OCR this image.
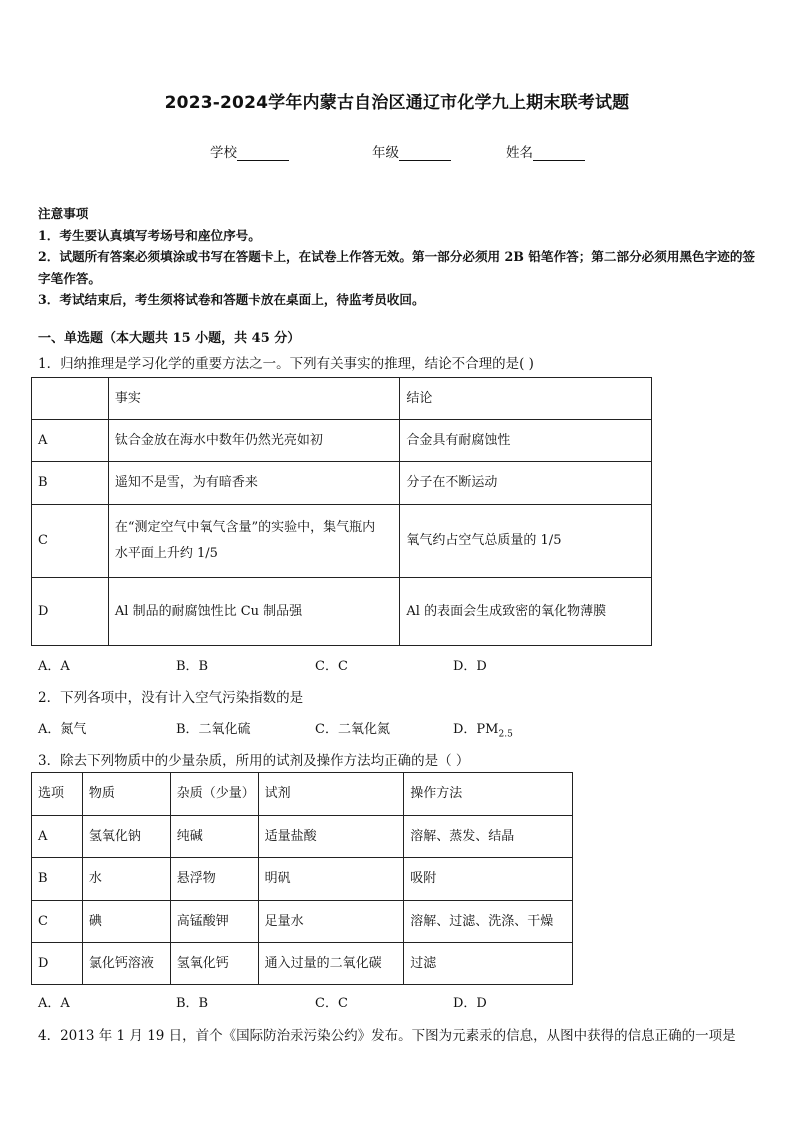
2023-2024学年内蒙古自治区通辽市化学九上期末联考试题
学校	年级	姓名

注意事项

1．考生要认真填写考场号和座位序号。

2．试题所有答案必须填涂或书写在答题卡上，在试卷上作答无效。第一部分必须用 2B 铅笔作答；第二部分必须用黑色字迹的签字笔作答。

3．考试结束后，考生须将试卷和答题卡放在桌面上，待监考员收回。

一、单选题（本大题共 15 小题，共 45 分）
1．归纳推理是学习化学的重要方法之一。下列有关事实的推理，结论不合理的是( )
	事实	结论
A	钛合金放在海水中数年仍然光亮如初	合金具有耐腐蚀性
B	遥知不是雪，为有暗香来	分子在不断运动
C	在“测定空气中氧气含量”的实验中，集气瓶内
水平面上升约 1/5	氧气约占空气总质量的 1/5
D	Al 制品的耐腐蚀性比 Cu 制品强	Al 的表面会生成致密的氧化物薄膜
A．A	B．B	C．C	D．D
2．下列各项中，没有计入空气污染指数的是
A．氮气	B．二氧化硫	C．二氧化氮	D．$PM_{2.5}$
3．除去下列物质中的少量杂质，所用的试剂及操作方法均正确的是（ ）
选项	物质	杂质（少量）	试剂	操作方法
A	氢氧化钠	纯碱	适量盐酸	溶解、蒸发、结晶
B	水	悬浮物	明矾	吸附
C	碘	高锰酸钾	足量水	溶解、过滤、洗涤、干燥
D	氯化钙溶液	氢氧化钙	通入过量的二氧化碳	过滤
A．A	B．B	C．C	D．D
4．2013 年 1 月 19 日，首个《国际防治汞污染公约》发布。下图为元素汞的信息，从图中获得的信息正确的一项是
